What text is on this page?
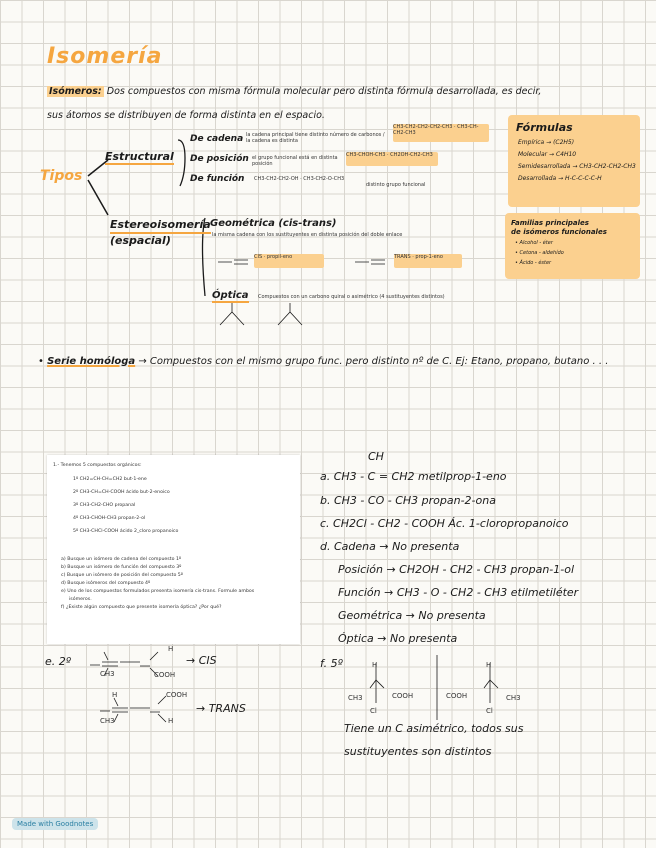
Isomería
Isómeros: Dos compuestos con misma fórmula molecular pero distinta fórmula desarrollada, es decir,
sus átomos se distribuyen de forma distinta en el espacio.
Tipos
Estructural
De cadena la cadena principal tiene distinto número de carbonos / la cadena es distinta
CH3-CH2-CH2-CH2-CH3 · CH3-CH-CH2-CH3
De posición el grupo funcional está en distinta posición
CH3-CHOH-CH3 · CH2OH-CH2-CH3
De función CH3-CH2-CH2-OH · CH3-CH2-O-CH3
distinto grupo funcional
Estereoisomería
(espacial)
Geométrica (cis-trans)
la misma cadena con los sustituyentes en distinta posición del doble enlace
CIS · propil-eno	TRANS · prop-1-eno
Óptica Compuestos con un carbono quiral o asimétrico (4 sustituyentes distintos)
Fórmulas
Empírica → (C2H5)
Molecular → C4H10
Semidesarrollada → CH3-CH2-CH2-CH3
Desarrollada → H-C-C-C-C-H
Familias principales
de isómeros funcionales
• Alcohol - éter
• Cetona - aldehído
• Ácido - éster
• Serie homóloga → Compuestos con el mismo grupo func. pero distinto nº de C. Ej: Etano, propano, butano . . .
1.- Tenemos 5 compuestos orgánicos:
1º CH2=CH-CH=CH2 but-1-ene
2º CH3-CH=CH-COOH ácido but-2-enoico
3º CH3-CH2-CHO propanal
4º CH3-CHOH-CH3 propan-2-ol
5º CH3-CHCl-COOH ácido 2_cloro propanoico
a) Busque un isómero de cadena del compuesto 1º
b) Busque un isómero de función del compuesto 3º
c) Busque un isómero de posición del compuesto 5º
d) Busque isómeros del compuesto 4º
e) Uno de los compuestos formulados presenta isomería cis-trans. Formule ambos
isómeros.
f) ¿Existe algún compuesto que presente isomería óptica? ¿Por qué?
CH
a. CH3 - C = CH2 metilprop-1-eno
b. CH3 - CO - CH3 propan-2-ona
c. CH2Cl - CH2 - COOH Ác. 1-cloropropanoico
d. Cadena → No presenta
Posición → CH2OH - CH2 - CH3 propan-1-ol
Función → CH3 - O - CH2 - CH3 etilmetiléter
Geométrica → No presenta
Óptica → No presenta
e. 2º
CH3	COOH
H
→ CIS
H
CH3
COOH
H
→ TRANS
f. 5º	H
CH3	COOH
Cl
H
COOH	CH3
Cl
Tiene un C asimétrico, todos sus
sustituyentes son distintos
Made with Goodnotes
